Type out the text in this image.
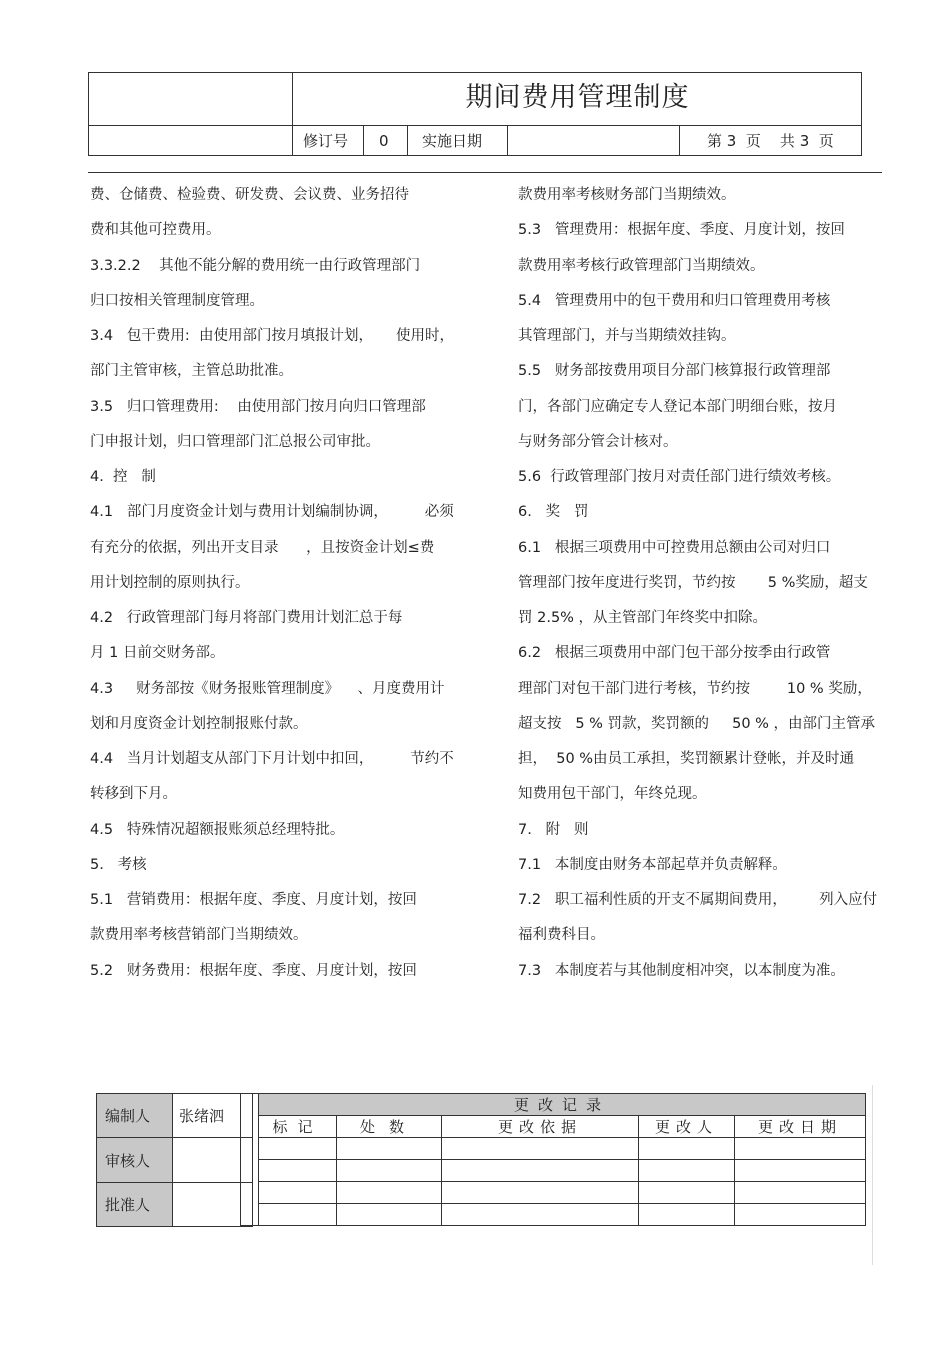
期间费用管理制度
修订号 0 实施日期	第 3  页    共 3  页
费、仓储费、检验费、研发费、会议费、业务招待
费和其他可控费用。
3.3.2.2    其他不能分解的费用统一由行政管理部门
归口按相关管理制度管理。
3.4   包干费用:  由使用部门按月填报计划，     使用时，
部门主管审核，主管总助批准。
3.5   归口管理费用:    由使用部门按月向归口管理部
门申报计划，归口管理部门汇总报公司审批。
4.  控   制
4.1   部门月度资金计划与费用计划编制协调，        必须
有充分的依据，列出开支目录      ，且按资金计划≤费
用计划控制的原则执行。
4.2   行政管理部门每月将部门费用计划汇总于每
月 1 日前交财务部。
4.3     财务部按《财务报账管理制度》    、月度费用计
划和月度资金计划控制报账付款。
4.4   当月计划超支从部门下月计划中扣回，        节约不
转移到下月。
4.5   特殊情况超额报账须总经理特批。
5.   考核
5.1   营销费用：根据年度、季度、月度计划，按回
款费用率考核营销部门当期绩效。
5.2   财务费用：根据年度、季度、月度计划，按回
款费用率考核财务部门当期绩效。
5.3   管理费用：根据年度、季度、月度计划，按回
款费用率考核行政管理部门当期绩效。
5.4   管理费用中的包干费用和归口管理费用考核
其管理部门，并与当期绩效挂钩。
5.5   财务部按费用项目分部门核算报行政管理部
门，各部门应确定专人登记本部门明细台账，按月
与财务部分管会计核对。
5.6  行政管理部门按月对责任部门进行绩效考核。
6.   奖   罚
6.1   根据三项费用中可控费用总额由公司对归口
管理部门按年度进行奖罚，节约按       5 %奖励，超支
罚 2.5% ，从主管部门年终奖中扣除。
6.2   根据三项费用中部门包干部分按季由行政管
理部门对包干部门进行考核，节约按        10 % 奖励，
超支按   5 % 罚款，奖罚额的     50 % ，由部门主管承
担，  50 %由员工承担，奖罚额累计登帐，并及时通
知费用包干部门，年终兑现。
7.   附   则
7.1   本制度由财务本部起草并负责解释。
7.2   职工福利性质的开支不属期间费用，       列入应付
福利费科目。
7.3   本制度若与其他制度相冲突，以本制度为准。
编制人	张绪泗
审核人	
批准人	
更改记录				
标记	处数	更改依据	更改人	更改日期
